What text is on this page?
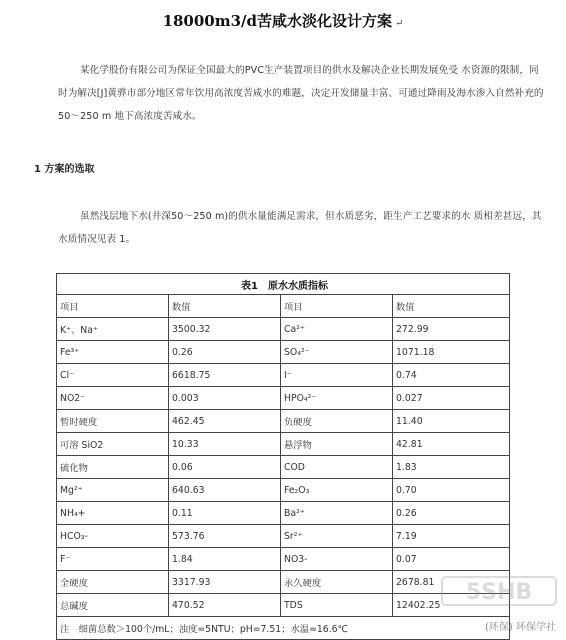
18000m3/d苦咸水淡化设计方案 ↵
某化学股份有限公司为保证全国最大的PVC生产装置项目的供水及解决企业长期发展免受 水资源的限制，同时为解决[J]黄骅市部分地区常年饮用高浓度苦咸水的难题，决定开发储量丰富、可通过降雨及海水渗入自然补充的 50～250 m 地下高浓度苦咸水。
1 方案的选取
虽然浅层地下水(井深50～250 m)的供水量能满足需求，但水质恶劣，距生产工艺要求的水 质相差甚远，其水质情况见表 1。
表1　原水水质指标			
项目	数值	项目	数值
K⁺、Na⁺	3500.32	Ca²⁺	272.99
Fe³⁺	0.26	SO₄²⁻	1071.18
Cl⁻	6618.75	I⁻	0.74
NO2⁻	0.003	HPO₄²⁻	0.027
暂时硬度	462.45	负硬度	11.40
可溶 SiO2	10.33	悬浮物	42.81
硫化物	0.06	COD	1.83
Mg²⁺	640.63	Fe₂O₃	0.70
NH₄+	0.11	Ba²⁺	0.26
HCO₃-	573.76	Sr²⁺	7.19
F⁻	1.84	NO3-	0.07
全硬度	3317.93	永久硬度	2678.81
总碱度	470.52	TDS	12402.25
注　细菌总数＞100个/mL；浊度=5NTU；pH=7.51；水温=16.6℃			
5SHB
(环保) 环保学社
